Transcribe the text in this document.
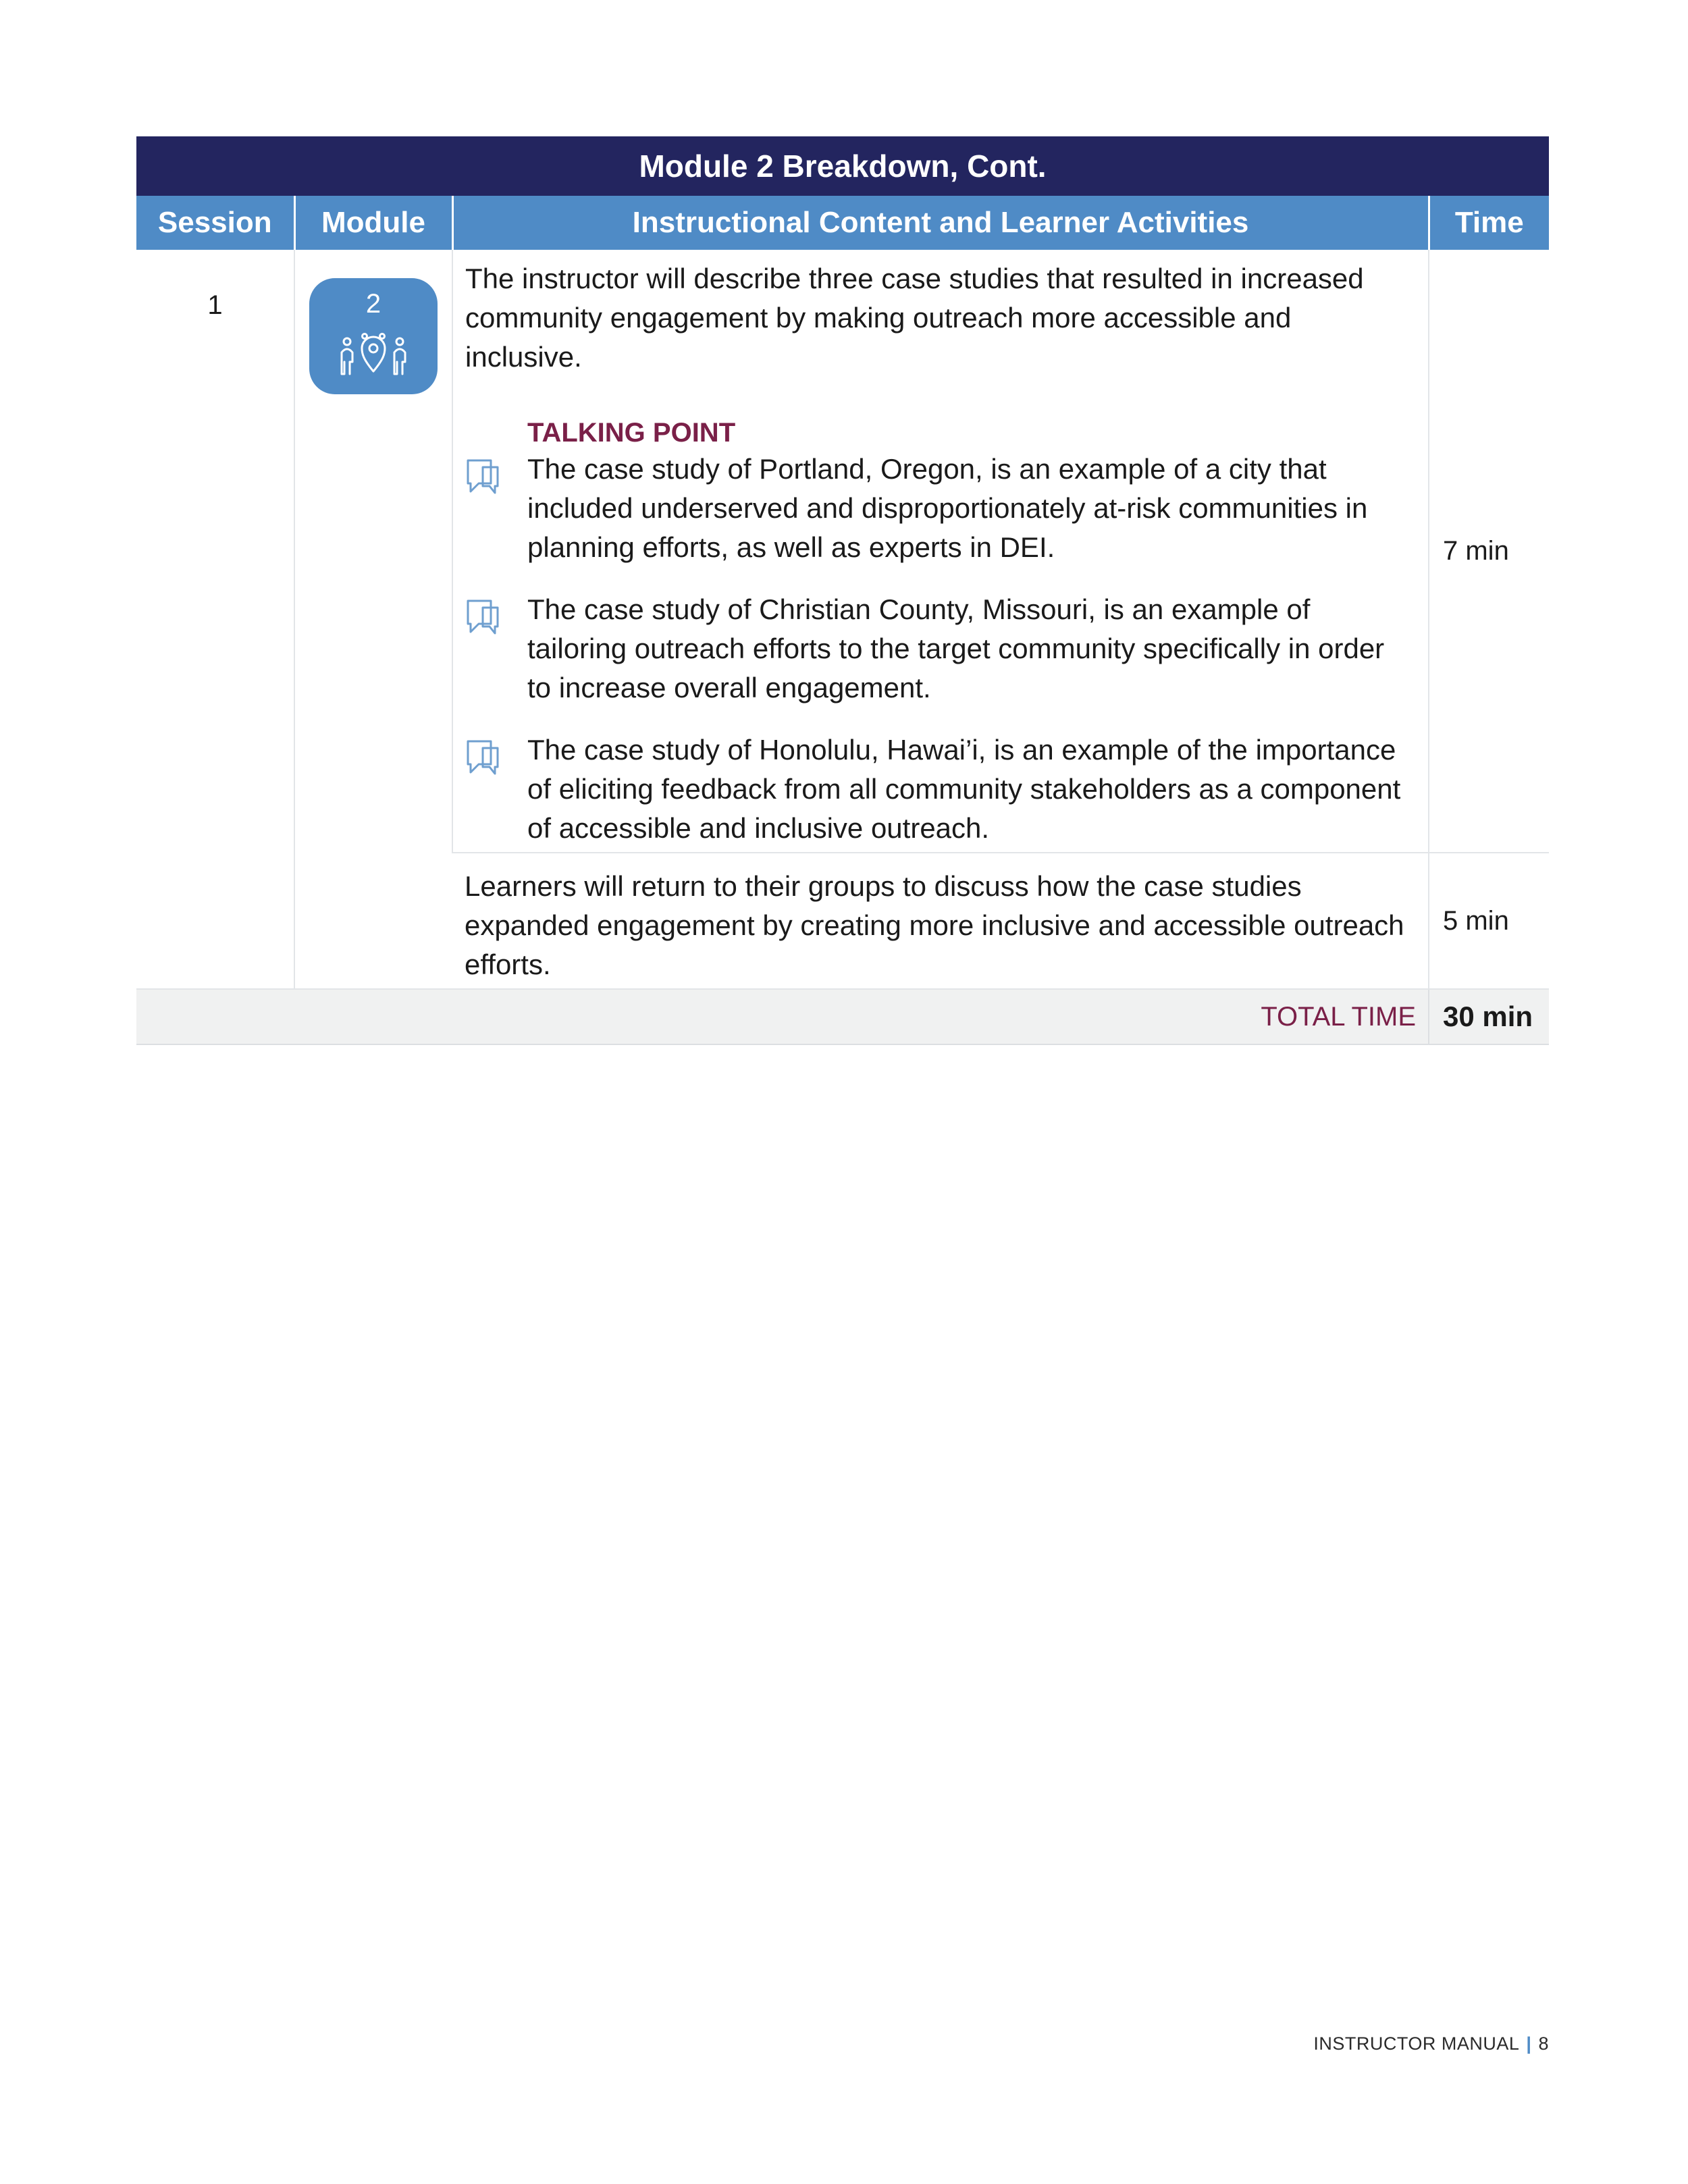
Module 2 Breakdown, Cont.			
Session	Module	Instructional Content and Learner Activities	Time
1	2	The instructor will describe three case studies that resulted in increased community engagement by making outreach more accessible and inclusive.

TALKING POINT
The case study of Portland, Oregon, is an example of a city that included underserved and disproportionately at-risk communities in planning efforts, as well as experts in DEI.
The case study of Christian County, Missouri, is an example of tailoring outreach efforts to the target community specifically in order to increase overall engagement.
The case study of Honolulu, Hawai’i, is an example of the importance of eliciting feedback from all community stakeholders as a component of accessible and inclusive outreach.	7 min
		Learners will return to their groups to discuss how the case studies expanded engagement by creating more inclusive and accessible outreach efforts.	5 min
TOTAL TIME			30 min
INSTRUCTOR MANUAL | 8
